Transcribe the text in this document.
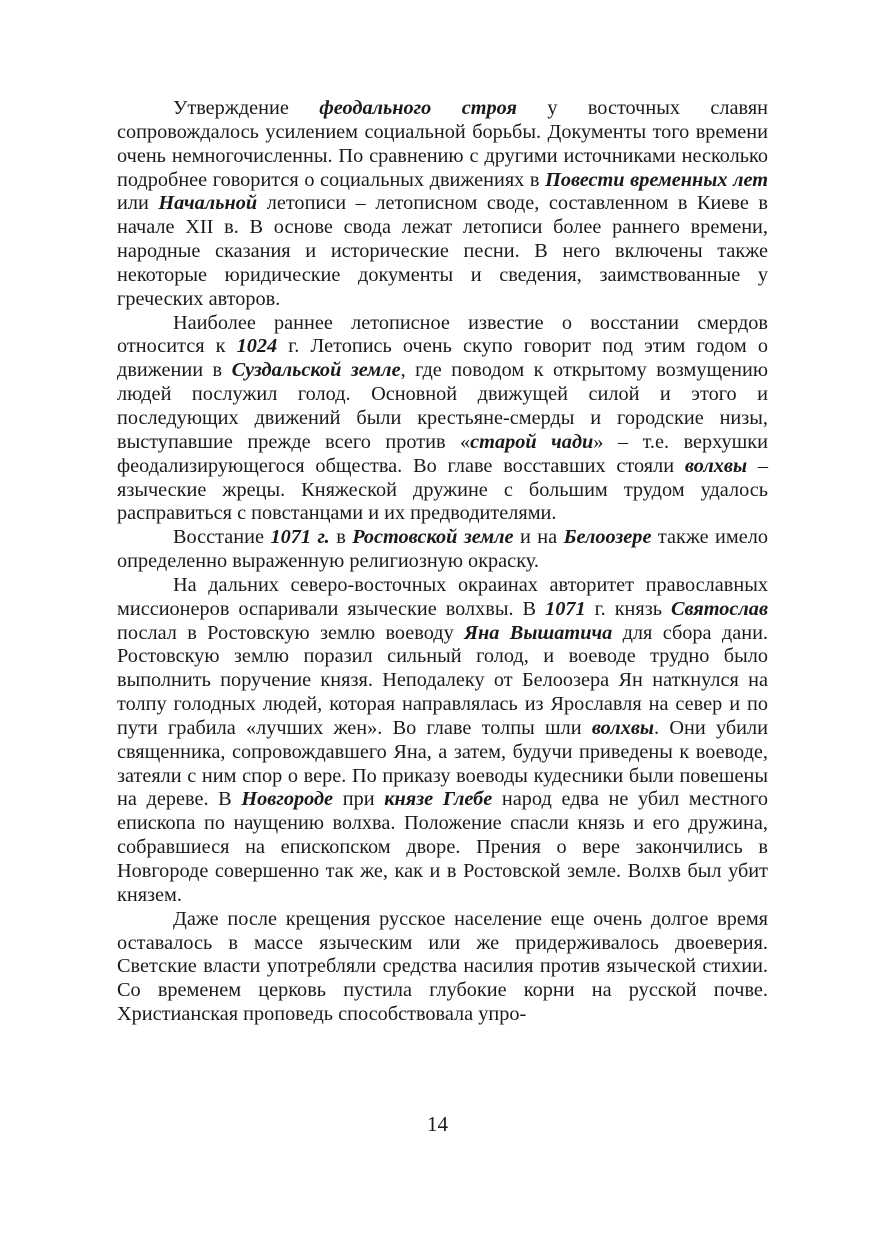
Утверждение феодального строя у восточных славян сопровождалось усилением социальной борьбы. Документы того времени очень немногочисленны. По сравнению с другими источниками несколько подробнее говорится о социальных движениях в Повести временных лет или Начальной летописи – летописном своде, составленном в Киеве в начале XII в. В основе свода лежат летописи более раннего времени, народные сказания и исторические песни. В него включены также некоторые юридические документы и сведения, заимствованные у греческих авторов.

Наиболее раннее летописное известие о восстании смердов относится к 1024 г. Летопись очень скупо говорит под этим годом о движении в Суздальской земле, где поводом к открытому возмущению людей послужил голод. Основной движущей силой и этого и последующих движений были крестьяне-смерды и городские низы, выступавшие прежде всего против «старой чади» – т.е. верхушки феодализирующегося общества. Во главе восставших стояли волхвы – языческие жрецы. Княжеской дружине с большим трудом удалось расправиться с повстанцами и их предводителями.

Восстание 1071 г. в Ростовской земле и на Белоозере также имело определенно выраженную религиозную окраску.

На дальних северо-восточных окраинах авторитет православных миссионеров оспаривали языческие волхвы. В 1071 г. князь Святослав послал в Ростовскую землю воеводу Яна Вышатича для сбора дани. Ростовскую землю поразил сильный голод, и воеводе трудно было выполнить поручение князя. Неподалеку от Белоозера Ян наткнулся на толпу голодных людей, которая направлялась из Ярославля на север и по пути грабила «лучших жен». Во главе толпы шли волхвы. Они убили священника, сопровождавшего Яна, а затем, будучи приведены к воеводе, затеяли с ним спор о вере. По приказу воеводы кудесники были повешены на дереве. В Новгороде при князе Глебе народ едва не убил местного епископа по наущению волхва. Положение спасли князь и его дружина, собравшиеся на епископском дворе. Прения о вере закончились в Новгороде совершенно так же, как и в Ростовской земле. Волхв был убит князем.

Даже после крещения русское население еще очень долгое время оставалось в массе языческим или же придерживалось двоеверия. Светские власти употребляли средства насилия против языческой стихии. Со временем церковь пустила глубокие корни на русской почве. Христианская проповедь способствовала упро-

14
